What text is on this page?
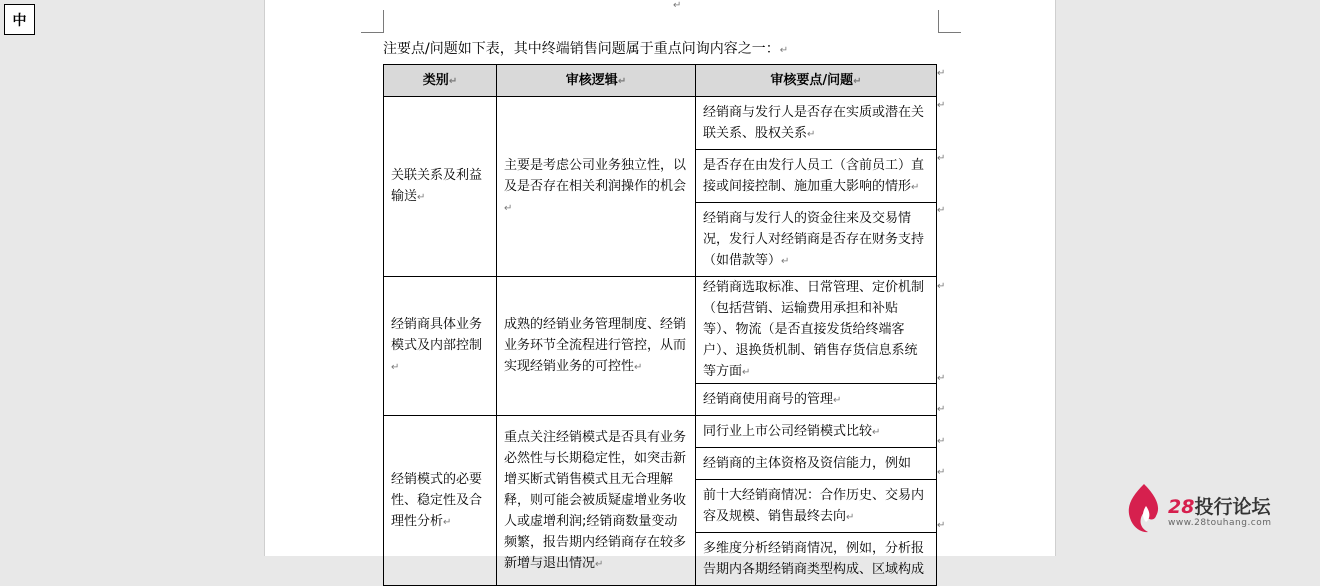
中
↵
注要点/问题如下表，其中终端销售问题属于重点问询内容之一：↵
类别↵	审核逻辑↵	审核要点/问题↵
关联关系及利益输送↵	主要是考虑公司业务独立性，以及是否存在相关利润操作的机会↵	经销商与发行人是否存在实质或潜在关联关系、股权关系↵
		是否存在由发行人员工（含前员工）直接或间接控制、施加重大影响的情形↵
		经销商与发行人的资金往来及交易情况，发行人对经销商是否存在财务支持（如借款等）↵
经销商具体业务模式及内部控制↵	成熟的经销业务管理制度、经销业务环节全流程进行管控，从而实现经销业务的可控性↵	经销商选取标准、日常管理、定价机制（包括营销、运输费用承担和补贴等）、物流（是否直接发货给终端客户）、退换货机制、销售存货信息系统等方面↵
		经销商使用商号的管理↵
经销模式的必要性、稳定性及合理性分析↵	重点关注经销模式是否具有业务必然性与长期稳定性，如突击新增买断式销售模式且无合理解释，则可能会被质疑虚增业务收人或虚增利润;经销商数量变动频繁，报告期内经销商存在较多新增与退出情况↵	同行业上市公司经销模式比较↵
		经销商的主体资格及资信能力，例如
		前十大经销商情况：合作历史、交易内容及规模、销售最终去向↵
		多维度分析经销商情况，例如，分析报告期内各期经销商类型构成、区域构成
↵
↵
↵
↵
↵
↵
↵
↵
↵
↵
28投行论坛
www.28touhang.com
